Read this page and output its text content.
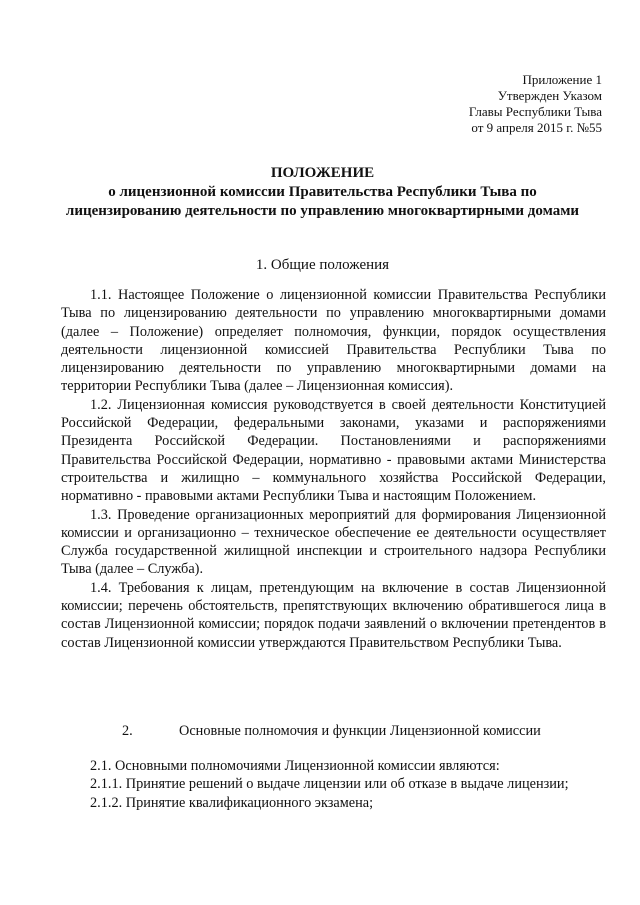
Приложение 1
Утвержден Указом
Главы Республики Тыва
от 9 апреля 2015 г. №55
ПОЛОЖЕНИЕ
о лицензионной комиссии Правительства Республики Тыва по
лицензированию деятельности по управлению многоквартирными домами
1. Общие положения

1.1. Настоящее Положение о лицензионной комиссии Правительства Республики Тыва по лицензированию деятельности по управлению многоквартирными домами (далее – Положение) определяет полномочия, функции, порядок осуществления деятельности лицензионной комиссией Правительства Республики Тыва по лицензированию деятельности по управлению многоквартирными домами на территории Республики Тыва (далее – Лицензионная комиссия).

1.2. Лицензионная комиссия руководствуется в своей деятельности Конституцией Российской Федерации, федеральными законами, указами и распоряжениями Президента Российской Федерации. Постановлениями и распоряжениями Правительства Российской Федерации, нормативно - правовыми актами Министерства строительства и жилищно – коммунального хозяйства Российской Федерации, нормативно - правовыми актами Республики Тыва и настоящим Положением.

1.3. Проведение организационных мероприятий для формирования Лицензионной комиссии и организационно – техническое обеспечение ее деятельности осуществляет Служба государственной жилищной инспекции и строительного надзора Республики Тыва (далее – Служба).

1.4. Требования к лицам, претендующим на включение в состав Лицензионной комиссии; перечень обстоятельств, препятствующих включению обратившегося лица в состав Лицензионной комиссии; порядок подачи заявлений о включении претендентов в состав Лицензионной комиссии утверждаются Правительством Республики Тыва.

2.	Основные полномочия и функции Лицензионной комиссии

2.1. Основными полномочиями Лицензионной комиссии являются:

2.1.1. Принятие решений о выдаче лицензии или об отказе в выдаче лицензии;

2.1.2. Принятие квалификационного экзамена;
